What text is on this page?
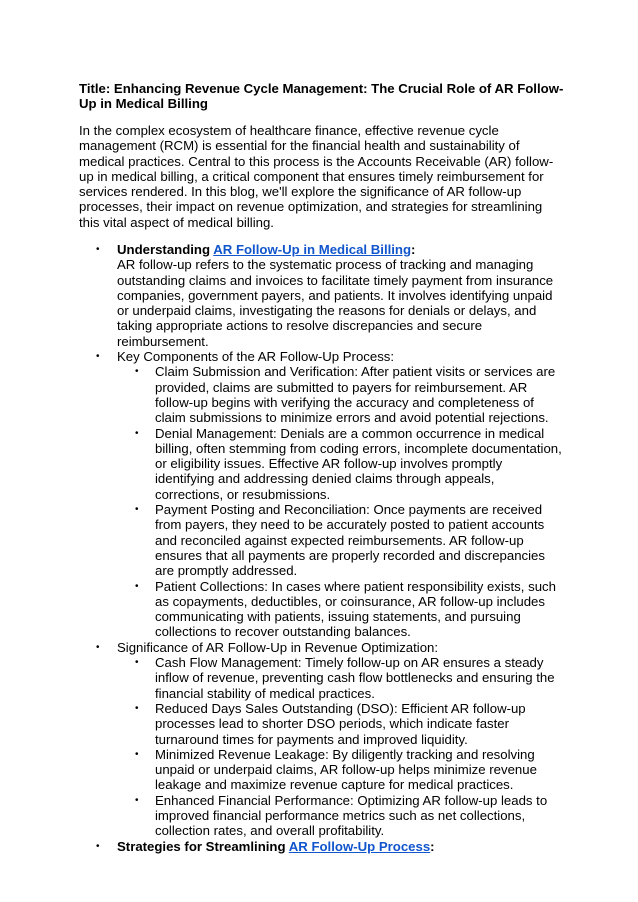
Title: Enhancing Revenue Cycle Management: The Crucial Role of AR Follow-Up in Medical Billing

In the complex ecosystem of healthcare finance, effective revenue cycle management (RCM) is essential for the financial health and sustainability of medical practices. Central to this process is the Accounts Receivable (AR) follow-up in medical billing, a critical component that ensures timely reimbursement for services rendered. In this blog, we'll explore the significance of AR follow-up processes, their impact on revenue optimization, and strategies for streamlining this vital aspect of medical billing.

• Understanding AR Follow-Up in Medical Billing:
AR follow-up refers to the systematic process of tracking and managing outstanding claims and invoices to facilitate timely payment from insurance companies, government payers, and patients. It involves identifying unpaid or underpaid claims, investigating the reasons for denials or delays, and taking appropriate actions to resolve discrepancies and secure reimbursement.
• Key Components of the AR Follow-Up Process:
• Claim Submission and Verification: After patient visits or services are provided, claims are submitted to payers for reimbursement. AR follow-up begins with verifying the accuracy and completeness of claim submissions to minimize errors and avoid potential rejections.
• Denial Management: Denials are a common occurrence in medical billing, often stemming from coding errors, incomplete documentation, or eligibility issues. Effective AR follow-up involves promptly identifying and addressing denied claims through appeals, corrections, or resubmissions.
• Payment Posting and Reconciliation: Once payments are received from payers, they need to be accurately posted to patient accounts and reconciled against expected reimbursements. AR follow-up ensures that all payments are properly recorded and discrepancies are promptly addressed.
• Patient Collections: In cases where patient responsibility exists, such as copayments, deductibles, or coinsurance, AR follow-up includes communicating with patients, issuing statements, and pursuing collections to recover outstanding balances.
• Significance of AR Follow-Up in Revenue Optimization:
• Cash Flow Management: Timely follow-up on AR ensures a steady inflow of revenue, preventing cash flow bottlenecks and ensuring the financial stability of medical practices.
• Reduced Days Sales Outstanding (DSO): Efficient AR follow-up processes lead to shorter DSO periods, which indicate faster turnaround times for payments and improved liquidity.
• Minimized Revenue Leakage: By diligently tracking and resolving unpaid or underpaid claims, AR follow-up helps minimize revenue leakage and maximize revenue capture for medical practices.
• Enhanced Financial Performance: Optimizing AR follow-up leads to improved financial performance metrics such as net collections, collection rates, and overall profitability.
• Strategies for Streamlining AR Follow-Up Process:
